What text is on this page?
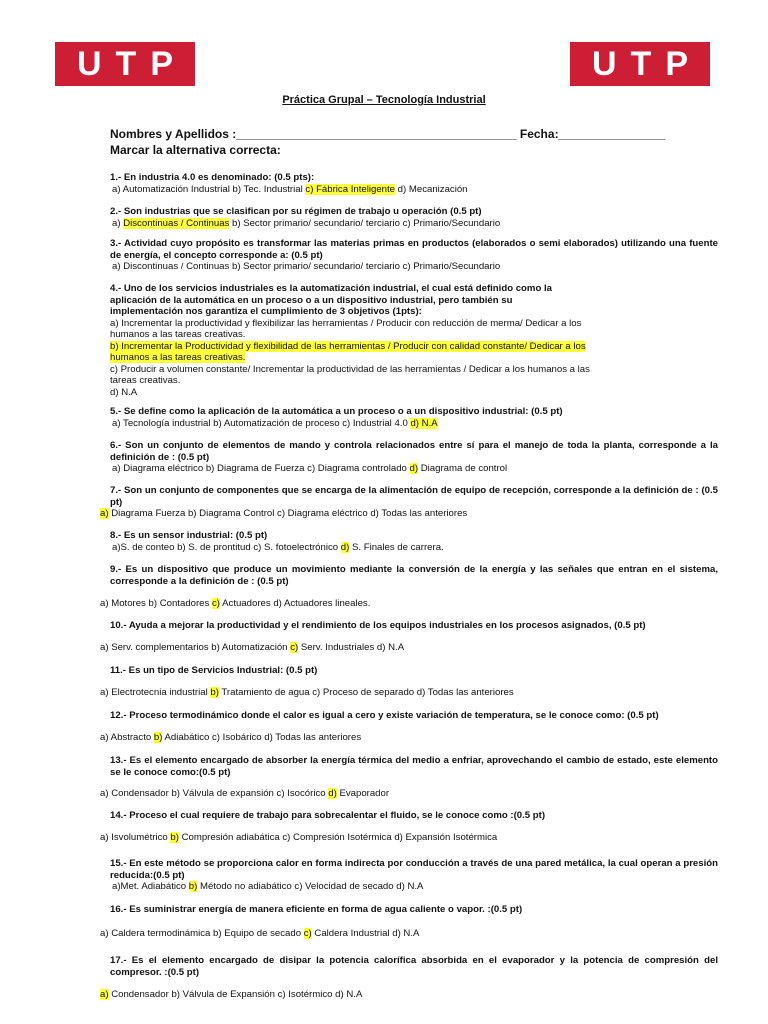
UTP	UTP
Práctica Grupal – Tecnología Industrial
Nombres y Apellidos :__________________________________________ Fecha:________________
Marcar la alternativa correcta:
1.- En industria 4.0 es denominado: (0.5 pts):
a) Automatización Industrial b) Tec. Industrial c) Fábrica Inteligente d) Mecanización
2.- Son industrias que se clasifican por su régimen de trabajo u operación (0.5 pt)
a) Discontinuas / Continuas b) Sector primario/ secundario/ terciario c) Primario/Secundario
3.- Actividad cuyo propósito es transformar las materias primas en productos (elaborados o semi elaborados) utilizando una fuente de energía, el concepto corresponde a: (0.5 pt)
a) Discontinuas / Continuas b) Sector primario/ secundario/ terciario c) Primario/Secundario
4.- Uno de los servicios industriales es la automatización industrial, el cual está definido como la
aplicación de la automática en un proceso o a un dispositivo industrial, pero también su
implementación nos garantiza el cumplimiento de 3 objetivos (1pts):
a) Incrementar la productividad y flexibilizar las herramientas / Producir con reducción de merma/ Dedicar a los
humanos a las tareas creativas.
b) Incrementar la Productividad y flexibilidad de las herramientas / Producir con calidad constante/ Dedicar a los
humanos a las tareas creativas.
c) Producir a volumen constante/ Incrementar la productividad de las herramientas / Dedicar a los humanos a las
tareas creativas.
d) N.A
5.- Se define como la aplicación de la automática a un proceso o a un dispositivo industrial: (0.5 pt)
a) Tecnología industrial b) Automatización de proceso c) Industrial 4.0 d) N.A
6.- Son un conjunto de elementos de mando y controla relacionados entre sí para el manejo de toda la planta, corresponde a la definición de : (0.5 pt)
a) Diagrama eléctrico b) Diagrama de Fuerza c) Diagrama controlado d) Diagrama de control
7.- Son un conjunto de componentes que se encarga de la alimentación de equipo de recepción, corresponde a la definición de : (0.5 pt)
a) Diagrama Fuerza b) Diagrama Control c) Diagrama eléctrico d) Todas las anteriores
8.- Es un sensor industrial: (0.5 pt)
a)S. de conteo b) S. de prontitud c) S. fotoelectrónico d) S. Finales de carrera.
9.- Es un dispositivo que produce un movimiento mediante la conversión de la energía y las señales que entran en el sistema, corresponde a la definición de : (0.5 pt)
a) Motores b) Contadores c) Actuadores d) Actuadores lineales.
10.- Ayuda a mejorar la productividad y el rendimiento de los equipos industriales en los procesos asignados, (0.5 pt)
a) Serv. complementarios b) Automatización c) Serv. Industriales d) N.A
11.- Es un tipo de Servicios Industrial: (0.5 pt)
a) Electrotecnia industrial b) Tratamiento de agua c) Proceso de separado d) Todas las anteriores
12.- Proceso termodinámico donde el calor es igual a cero y existe variación de temperatura, se le conoce como: (0.5 pt)
a) Abstracto b) Adiabático c) Isobárico d) Todas las anteriores
13.- Es el elemento encargado de absorber la energía térmica del medio a enfriar, aprovechando el cambio de estado, este elemento se le conoce como:(0.5 pt)
a) Condensador b) Válvula de expansión c) Isocórico d) Evaporador
14.- Proceso el cual requiere de trabajo para sobrecalentar el fluido, se le conoce como :(0.5 pt)
a) Isvolumétrico b) Compresión adiabática c) Compresión Isotérmica d) Expansión Isotérmica
15.- En este método se proporciona calor en forma indirecta por conducción a través de una pared metálica, la cual operan a presión reducida:(0.5 pt)
a)Met. Adiabático b) Método no adiabático c) Velocidad de secado d) N.A
16.- Es suministrar energía de manera eficiente en forma de agua caliente o vapor. :(0.5 pt)
a) Caldera termodinámica b) Equipo de secado c) Caldera Industrial d) N.A
17.- Es el elemento encargado de disipar la potencia calorífica absorbida en el evaporador y la potencia de compresión del compresor. :(0.5 pt)
a) Condensador b) Válvula de Expansión c) Isotérmico d) N.A
